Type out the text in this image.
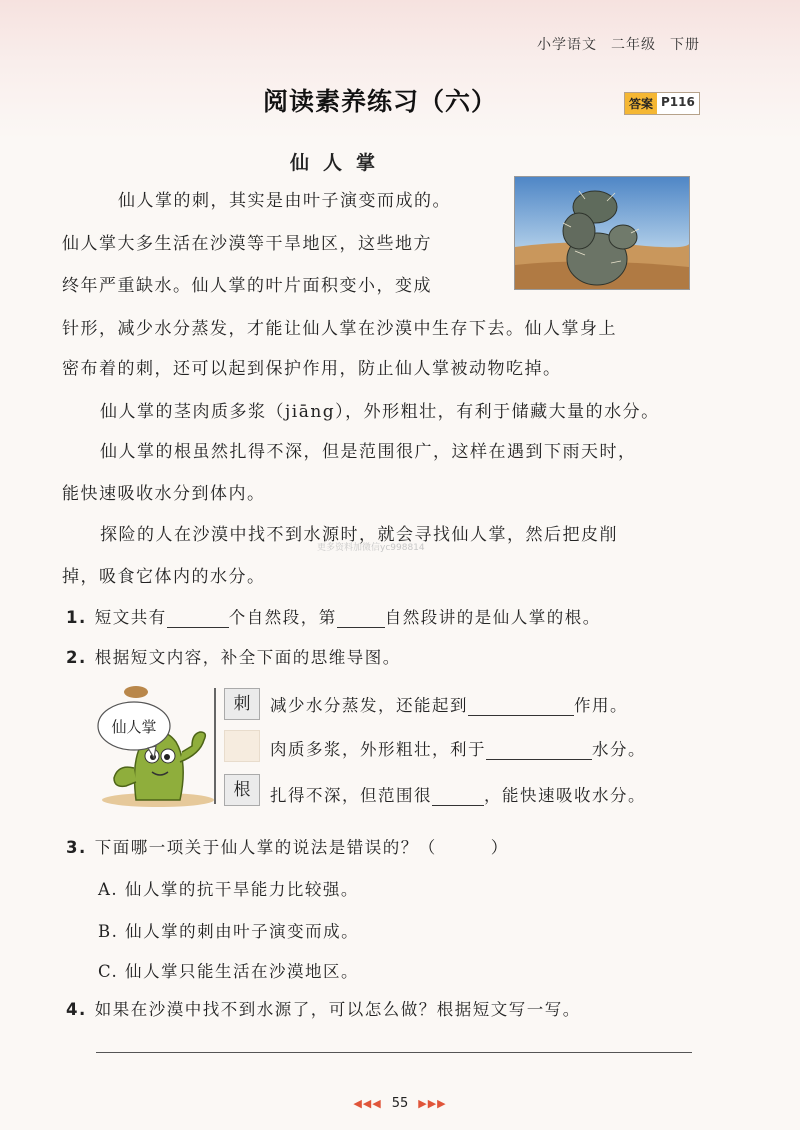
小学语文 二年级 下册
阅读素养练习（六）	答案 P116
仙人掌
仙人掌的刺，其实是由叶子演变而成的。
仙人掌大多生活在沙漠等干旱地区，这些地方
终年严重缺水。仙人掌的叶片面积变小，变成
针形，减少水分蒸发，才能让仙人掌在沙漠中生存下去。仙人掌身上
密布着的刺，还可以起到保护作用，防止仙人掌被动物吃掉。
仙人掌的茎肉质多浆（jiāng），外形粗壮，有利于储藏大量的水分。
仙人掌的根虽然扎得不深，但是范围很广，这样在遇到下雨天时，
能快速吸收水分到体内。
探险的人在沙漠中找不到水源时，就会寻找仙人掌，然后把皮削
掉，吸食它体内的水分。
更多资料加微信yc998814
1. 短文共有	个自然段，第	自然段讲的是仙人掌的根。
2. 根据短文内容，补全下面的思维导图。
仙人掌
刺
根
减少水分蒸发，还能起到	作用。
肉质多浆，外形粗壮，利于	水分。
扎得不深，但范围很	，能快速吸收水分。
3. 下面哪一项关于仙人掌的说法是错误的？（　　　）
A. 仙人掌的抗干旱能力比较强。
B. 仙人掌的刺由叶子演变而成。
C. 仙人掌只能生活在沙漠地区。
4. 如果在沙漠中找不到水源了，可以怎么做？根据短文写一写。
◀◀◀ 55 ▶▶▶
